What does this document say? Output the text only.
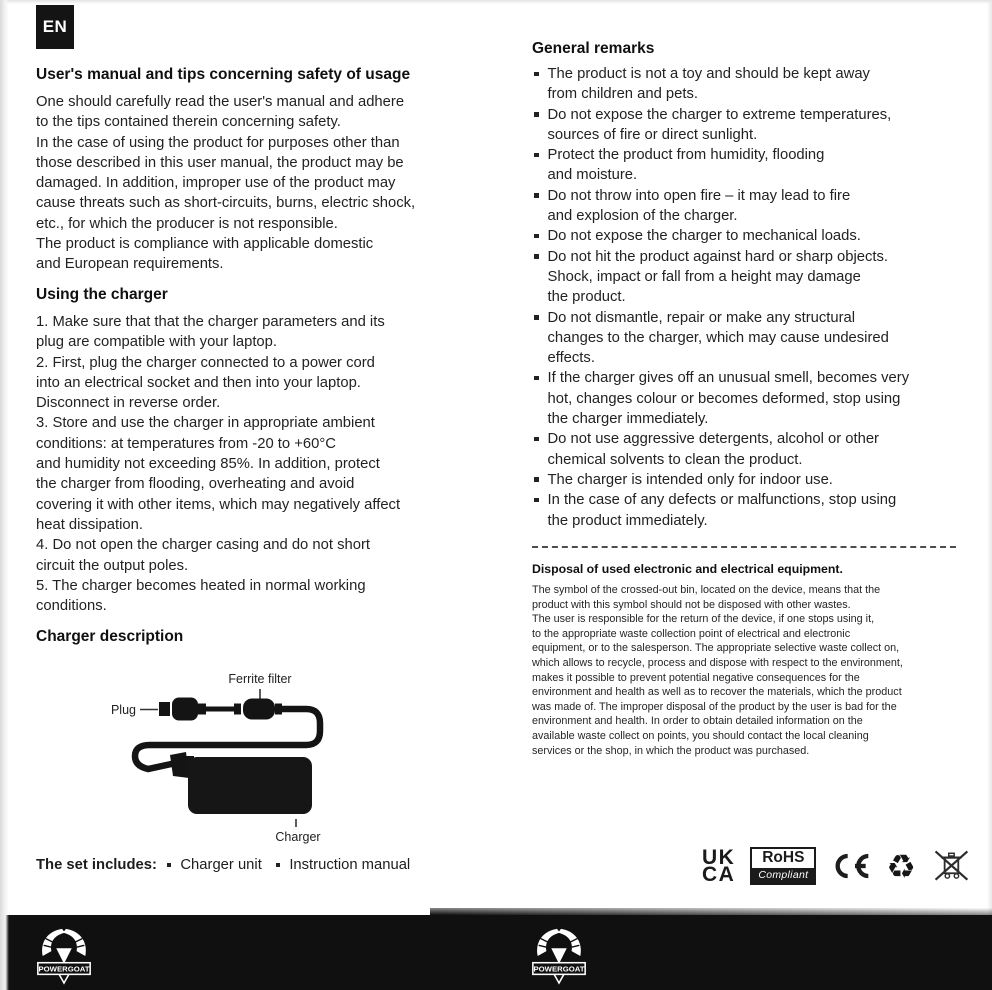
EN
User's manual and tips concerning safety of usage
One should carefully read the user's manual and adhere
to the tips contained therein concerning safety.
In the case of using the product for purposes other than
those described in this user manual, the product may be
damaged. In addition, improper use of the product may
cause threats such as short-circuits, burns, electric shock,
etc., for which the producer is not responsible.
The product is compliance with applicable domestic
and European requirements.
Using the charger
1. Make sure that that the charger parameters and its
plug are compatible with your laptop.
2. First, plug the charger connected to a power cord
into an electrical socket and then into your laptop.
Disconnect in reverse order.
3. Store and use the charger in appropriate ambient
conditions: at temperatures from -20 to +60°C
and humidity not exceeding 85%. In addition, protect
the charger from flooding, overheating and avoid
covering it with other items, which may negatively affect
heat dissipation.
4. Do not open the charger casing and do not short
circuit the output poles.
5. The charger becomes heated in normal working
conditions.
Charger description
Ferrite filter
Plug
Charger
The set includes: Charger unit Instruction manual
General remarks
The product is not a toy and should be kept away
from children and pets.
Do not expose the charger to extreme temperatures,
sources of fire or direct sunlight.
Protect the product from humidity, flooding
and moisture.
Do not throw into open fire – it may lead to fire
and explosion of the charger.
Do not expose the charger to mechanical loads.
Do not hit the product against hard or sharp objects.
Shock, impact or fall from a height may damage
the product.
Do not dismantle, repair or make any structural
changes to the charger, which may cause undesired
effects.
If the charger gives off an unusual smell, becomes very
hot, changes colour or becomes deformed, stop using
the charger immediately.
Do not use aggressive detergents, alcohol or other
chemical solvents to clean the product.
The charger is intended only for indoor use.
In the case of any defects or malfunctions, stop using
the product immediately.
Disposal of used electronic and electrical equipment.
The symbol of the crossed-out bin, located on the device, means that the
product with this symbol should not be disposed with other wastes.
The user is responsible for the return of the device, if one stops using it,
to the appropriate waste collection point of electrical and electronic
equipment, or to the salesperson. The appropriate selective waste collect on,
which allows to recycle, process and dispose with respect to the environment,
makes it possible to prevent potential negative consequences for the
environment and health as well as to recover the materials, which the product
was made of. The improper disposal of the product by the user is bad for the
environment and health. In order to obtain detailed information on the
available waste collect on points, you should contact the local cleaning
services or the shop, in which the product was purchased.
UK
CA
RoHS
Compliant ♻
POWERGOAT	POWERGOAT
